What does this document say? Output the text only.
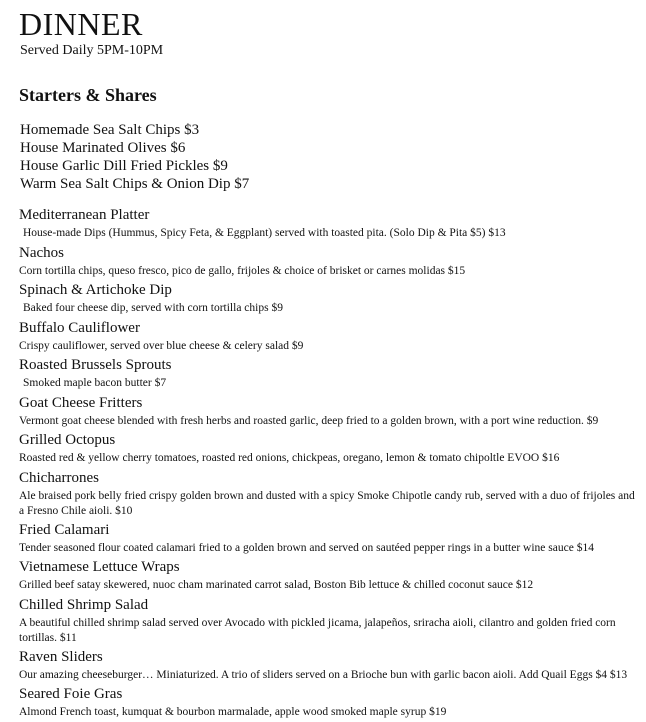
DINNER
Served Daily 5PM-10PM
Starters & Shares
Homemade Sea Salt Chips $3
House Marinated Olives $6
House Garlic Dill Fried Pickles $9
Warm Sea Salt Chips & Onion Dip $7
Mediterranean Platter
House-made Dips (Hummus, Spicy Feta, & Eggplant) served with toasted pita. (Solo Dip & Pita $5) $13
Nachos
Corn tortilla chips, queso fresco, pico de gallo, frijoles & choice of brisket or carnes molidas $15
Spinach & Artichoke Dip
Baked four cheese dip, served with corn tortilla chips $9
Buffalo Cauliflower
Crispy cauliflower, served over blue cheese & celery salad $9
Roasted Brussels Sprouts
Smoked maple bacon butter $7
Goat Cheese Fritters
Vermont goat cheese blended with fresh herbs and roasted garlic, deep fried to a golden brown, with a port wine reduction. $9
Grilled Octopus
Roasted red & yellow cherry tomatoes, roasted red onions, chickpeas, oregano, lemon & tomato chipoltle EVOO $16
Chicharrones
Ale braised pork belly fried crispy golden brown and dusted with a spicy Smoke Chipotle candy rub, served with a duo of frijoles and a Fresno Chile aioli. $10
Fried Calamari
Tender seasoned flour coated calamari fried to a golden brown and served on sautéed pepper rings in a butter wine sauce $14
Vietnamese Lettuce Wraps
Grilled beef satay skewered, nuoc cham marinated carrot salad, Boston Bib lettuce & chilled coconut sauce $12
Chilled Shrimp Salad
A beautiful chilled shrimp salad served over Avocado with pickled jicama, jalapeños, sriracha aioli, cilantro and golden fried corn tortillas. $11
Raven Sliders
Our amazing cheeseburger… Miniaturized. A trio of sliders served on a Brioche bun with garlic bacon aioli. Add Quail Eggs $4 $13
Seared Foie Gras
Almond French toast, kumquat & bourbon marmalade, apple wood smoked maple syrup $19
